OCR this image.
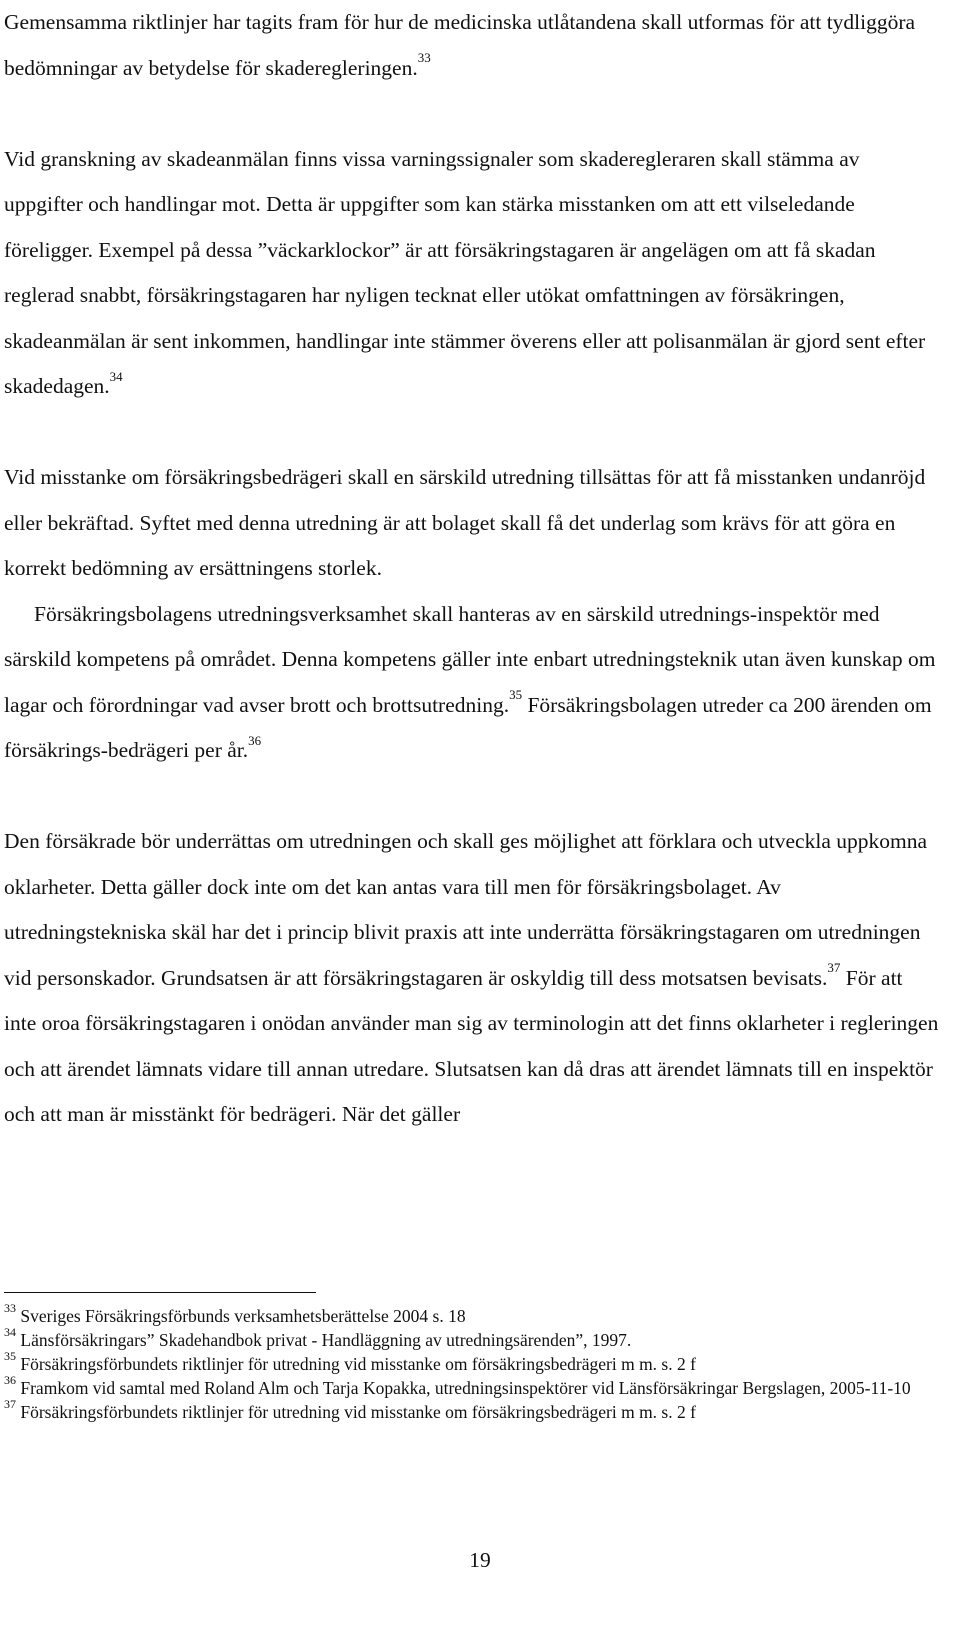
Gemensamma riktlinjer har tagits fram för hur de medicinska utlåtandena skall utformas för att tydliggöra bedömningar av betydelse för skaderegleringen.$^{33}$

Vid granskning av skadeanmälan finns vissa varningssignaler som skaderegleraren skall stämma av uppgifter och handlingar mot. Detta är uppgifter som kan stärka misstanken om att ett vilseledande föreligger. Exempel på dessa ”väckarklockor” är att försäkringstagaren är angelägen om att få skadan reglerad snabbt, försäkringstagaren har nyligen tecknat eller utökat omfattningen av försäkringen, skadeanmälan är sent inkommen, handlingar inte stämmer överens eller att polisanmälan är gjord sent efter skadedagen.$^{34}$

Vid misstanke om försäkringsbedrägeri skall en särskild utredning tillsättas för att få misstanken undanröjd eller bekräftad. Syftet med denna utredning är att bolaget skall få det underlag som krävs för att göra en korrekt bedömning av ersättningens storlek.

Försäkringsbolagens utredningsverksamhet skall hanteras av en särskild utrednings-inspektör med särskild kompetens på området. Denna kompetens gäller inte enbart utredningsteknik utan även kunskap om lagar och förordningar vad avser brott och brottsutredning.$^{35}$ Försäkringsbolagen utreder ca 200 ärenden om försäkrings-bedrägeri per år.$^{36}$

Den försäkrade bör underrättas om utredningen och skall ges möjlighet att förklara och utveckla uppkomna oklarheter. Detta gäller dock inte om det kan antas vara till men för försäkringsbolaget. Av utredningstekniska skäl har det i princip blivit praxis att inte underrätta försäkringstagaren om utredningen vid personskador. Grundsatsen är att försäkringstagaren är oskyldig till dess motsatsen bevisats.$^{37}$ För att inte oroa försäkringstagaren i onödan använder man sig av terminologin att det finns oklarheter i regleringen och att ärendet lämnats vidare till annan utredare. Slutsatsen kan då dras att ärendet lämnats till en inspektör och att man är misstänkt för bedrägeri. När det gäller

$^{33}$ Sveriges Försäkringsförbunds verksamhetsberättelse 2004 s. 18

$^{34}$ Länsförsäkringars” Skadehandbok privat - Handläggning av utredningsärenden”, 1997.

$^{35}$ Försäkringsförbundets riktlinjer för utredning vid misstanke om försäkringsbedrägeri m m. s. 2 f

$^{36}$ Framkom vid samtal med Roland Alm och Tarja Kopakka, utredningsinspektörer vid Länsförsäkringar Bergslagen, 2005-11-10

$^{37}$ Försäkringsförbundets riktlinjer för utredning vid misstanke om försäkringsbedrägeri m m. s. 2 f

19
